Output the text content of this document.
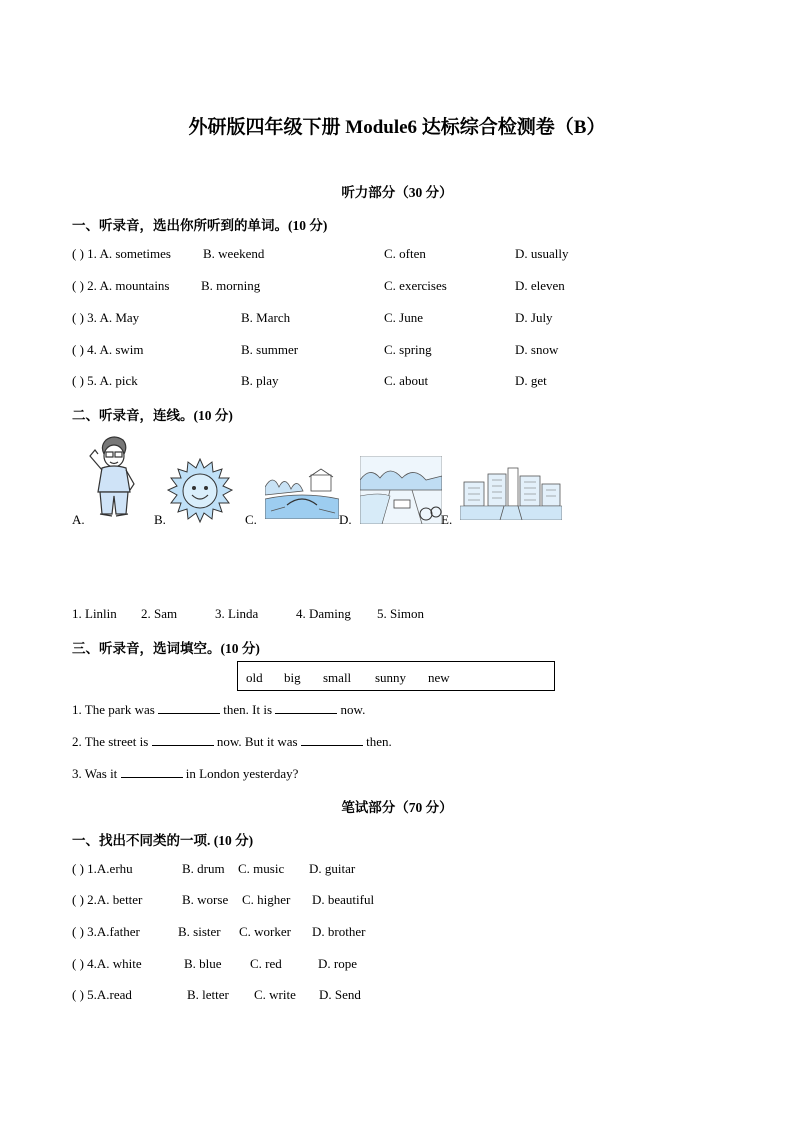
外研版四年级下册 Module6 达标综合检测卷（B）
听力部分（30 分）
一、听录音，选出你所听到的单词。(10 分)
( ) 1. A. sometimes B. weekend	C. often	D. usually
( ) 2. A. mountains B. morning	C. exercises	D. eleven
( ) 3. A. May	B. March	C. June	D. July
( ) 4. A. swim	B. summer	C. spring	D. snow
( ) 5. A. pick	B. play	C. about	D. get
二、听录音，连线。(10 分)
A.	B.	C.	D.	E.
1. Linlin 2. Sam	3. Linda	4. Daming 5. Simon
三、听录音，选词填空。(10 分)
old big small sunny new
1. The park was	then. It is	now.
2. The street is	now. But it was	then.
3. Was it	in London yesterday?
笔试部分（70 分）
一、找出不同类的一项. (10 分)
( ) 1.A.erhu	B. drum C. music D. guitar
( ) 2.A. better	B. worse C. higher D. beautiful
( ) 3.A.father	B. sister C. worker D. brother
( ) 4.A. white	B. blue C. red	D. rope
( ) 5.A.read	B. letter C. write D. Send
